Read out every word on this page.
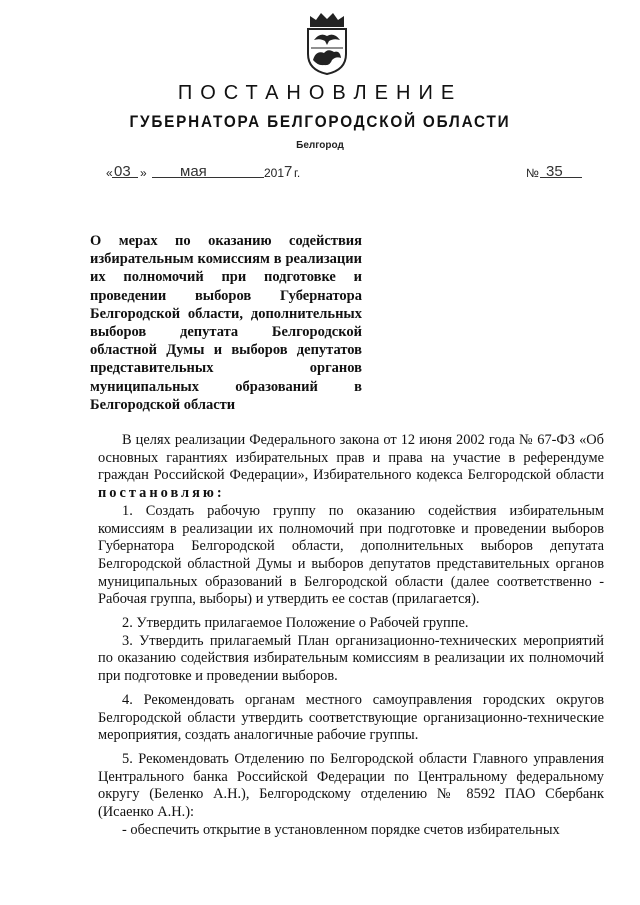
ПОСТАНОВЛЕНИЕ
ГУБЕРНАТОРА БЕЛГОРОДСКОЙ ОБЛАСТИ
Белгород
« 03 » мая	201 7 г.	№ 35
О мерах по оказанию содействия избирательным комиссиям в реализации их полномочий при подготовке и проведении выборов Губернатора Белгородской области, дополнительных выборов депутата Белгородской областной Думы и выборов депутатов представительных органов муниципальных образований в Белгородской области

В целях реализации Федерального закона от 12 июня 2002 года № 67-ФЗ «Об основных гарантиях избирательных прав и права на участие в референдуме граждан Российской Федерации», Избирательного кодекса Белгородской области постановляю:

1. Создать рабочую группу по оказанию содействия избирательным комиссиям в реализации их полномочий при подготовке и проведении выборов Губернатора Белгородской области, дополнительных выборов депутата Белгородской областной Думы и выборов депутатов представительных органов муниципальных образований в Белгородской области (далее соответственно - Рабочая группа, выборы) и утвердить ее состав (прилагается).

2. Утвердить прилагаемое Положение о Рабочей группе.

3. Утвердить прилагаемый План организационно-технических мероприятий по оказанию содействия избирательным комиссиям в реализации их полномочий при подготовке и проведении выборов.

4. Рекомендовать органам местного самоуправления городских округов Белгородской области утвердить соответствующие организационно-технические мероприятия, создать аналогичные рабочие группы.

5. Рекомендовать Отделению по Белгородской области Главного управления Центрального банка Российской Федерации по Центральному федеральному округу (Беленко А.Н.), Белгородскому отделению № 8592 ПАО Сбербанк (Исаенко А.Н.):

- обеспечить открытие в установленном порядке счетов избирательных
